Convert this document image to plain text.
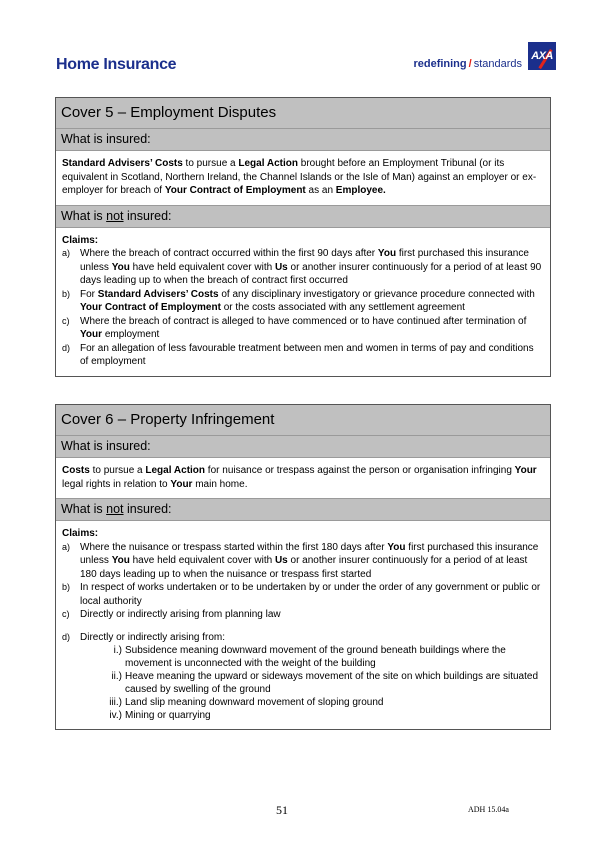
Home Insurance	redefining / standards
AXA
Cover 5 – Employment Disputes
What is insured:
Standard Advisers’ Costs to pursue a Legal Action brought before an Employment Tribunal (or its equivalent in Scotland, Northern Ireland, the Channel Islands or the Isle of Man) against an employer or ex-employer for breach of Your Contract of Employment as an Employee.
What is not insured:
Claims:
a) Where the breach of contract occurred within the first 90 days after You first purchased this insurance unless You have held equivalent cover with Us or another insurer continuously for a period of at least 90 days leading up to when the breach of contract first occurred
b) For Standard Advisers’ Costs of any disciplinary investigatory or grievance procedure connected with Your Contract of Employment or the costs associated with any settlement agreement
c)	Where the breach of contract is alleged to have commenced or to have continued after termination of Your employment
d) For an allegation of less favourable treatment between men and women in terms of pay and conditions of employment
Cover 6 – Property Infringement
What is insured:
Costs to pursue a Legal Action for nuisance or trespass against the person or organisation infringing Your legal rights in relation to Your main home.
What is not insured:
Claims:
a) Where the nuisance or trespass started within the first 180 days after You first purchased this insurance unless You have held equivalent cover with Us or another insurer continuously for a period of at least 180 days leading up to when the nuisance or trespass first started
b) In respect of works undertaken or to be undertaken by or under the order of any government or public or local authority
c)	Directly or indirectly arising from planning law
d) Directly or indirectly arising from:
i.) Subsidence meaning downward movement of the ground beneath buildings where the movement is unconnected with the weight of the building
ii.) Heave meaning the upward or sideways movement of the site on which buildings are situated caused by swelling of the ground
iii.) Land slip meaning downward movement of sloping ground
iv.) Mining or quarrying
51	ADH 15.04a
